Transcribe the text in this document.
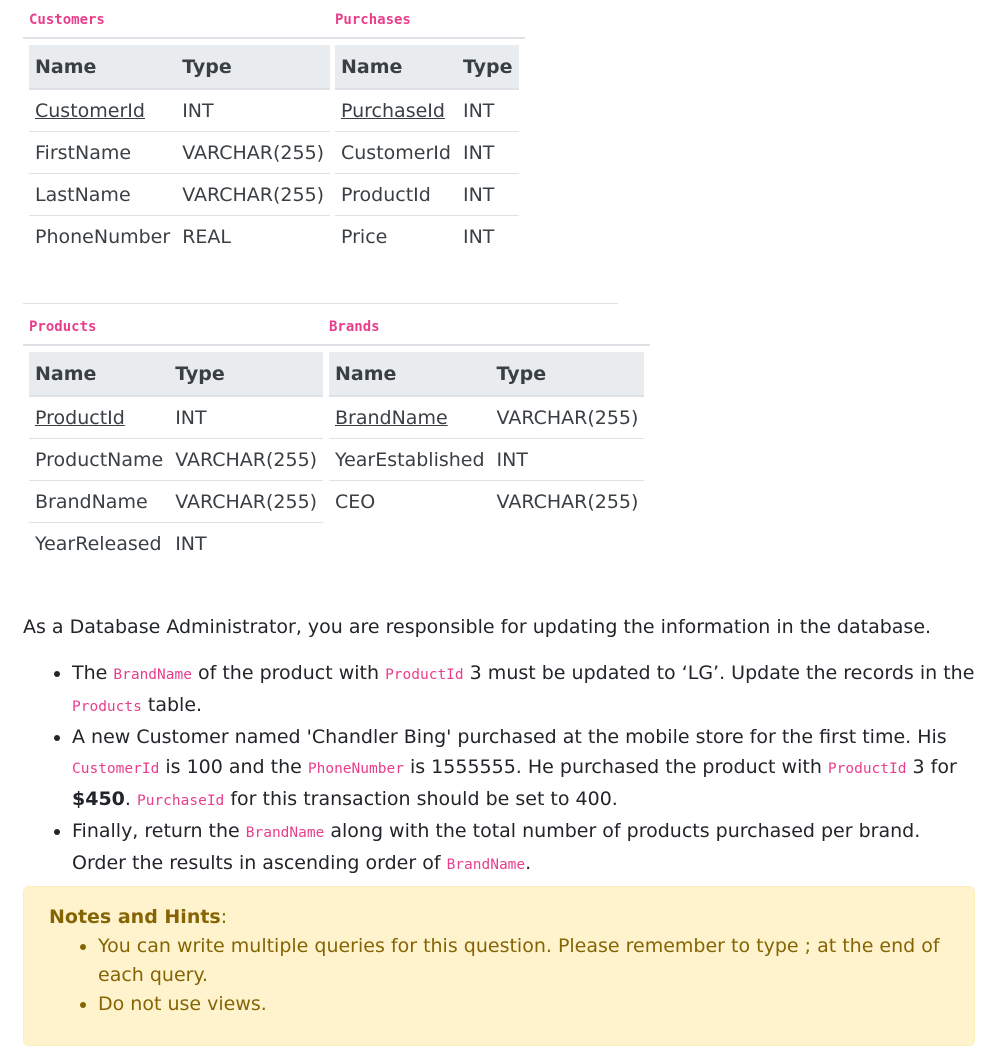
Customers

Name	Type
CustomerId	INT
FirstName	VARCHAR(255)
LastName	VARCHAR(255)
PhoneNumber	REAL
Purchases

Name	Type
PurchaseId	INT
CustomerId	INT
ProductId	INT
Price	INT
Products

Name	Type
ProductId	INT
ProductName	VARCHAR(255)
BrandName	VARCHAR(255)
YearReleased	INT
Brands

Name	Type
BrandName	VARCHAR(255)
YearEstablished	INT
CEO	VARCHAR(255)

As a Database Administrator, you are responsible for updating the information in the database.

• The BrandName of the product with ProductId 3 must be updated to ‘LG’. Update the records in the Products table.
• A new Customer named 'Chandler Bing' purchased at the mobile store for the first time. His CustomerId is 100 and the PhoneNumber is 1555555. He purchased the product with ProductId 3 for $450. PurchaseId for this transaction should be set to 400.
• Finally, return the BrandName along with the total number of products purchased per brand. Order the results in ascending order of BrandName.
Notes and Hints:
• You can write multiple queries for this question. Please remember to type ; at the end of each query.
• Do not use views.
